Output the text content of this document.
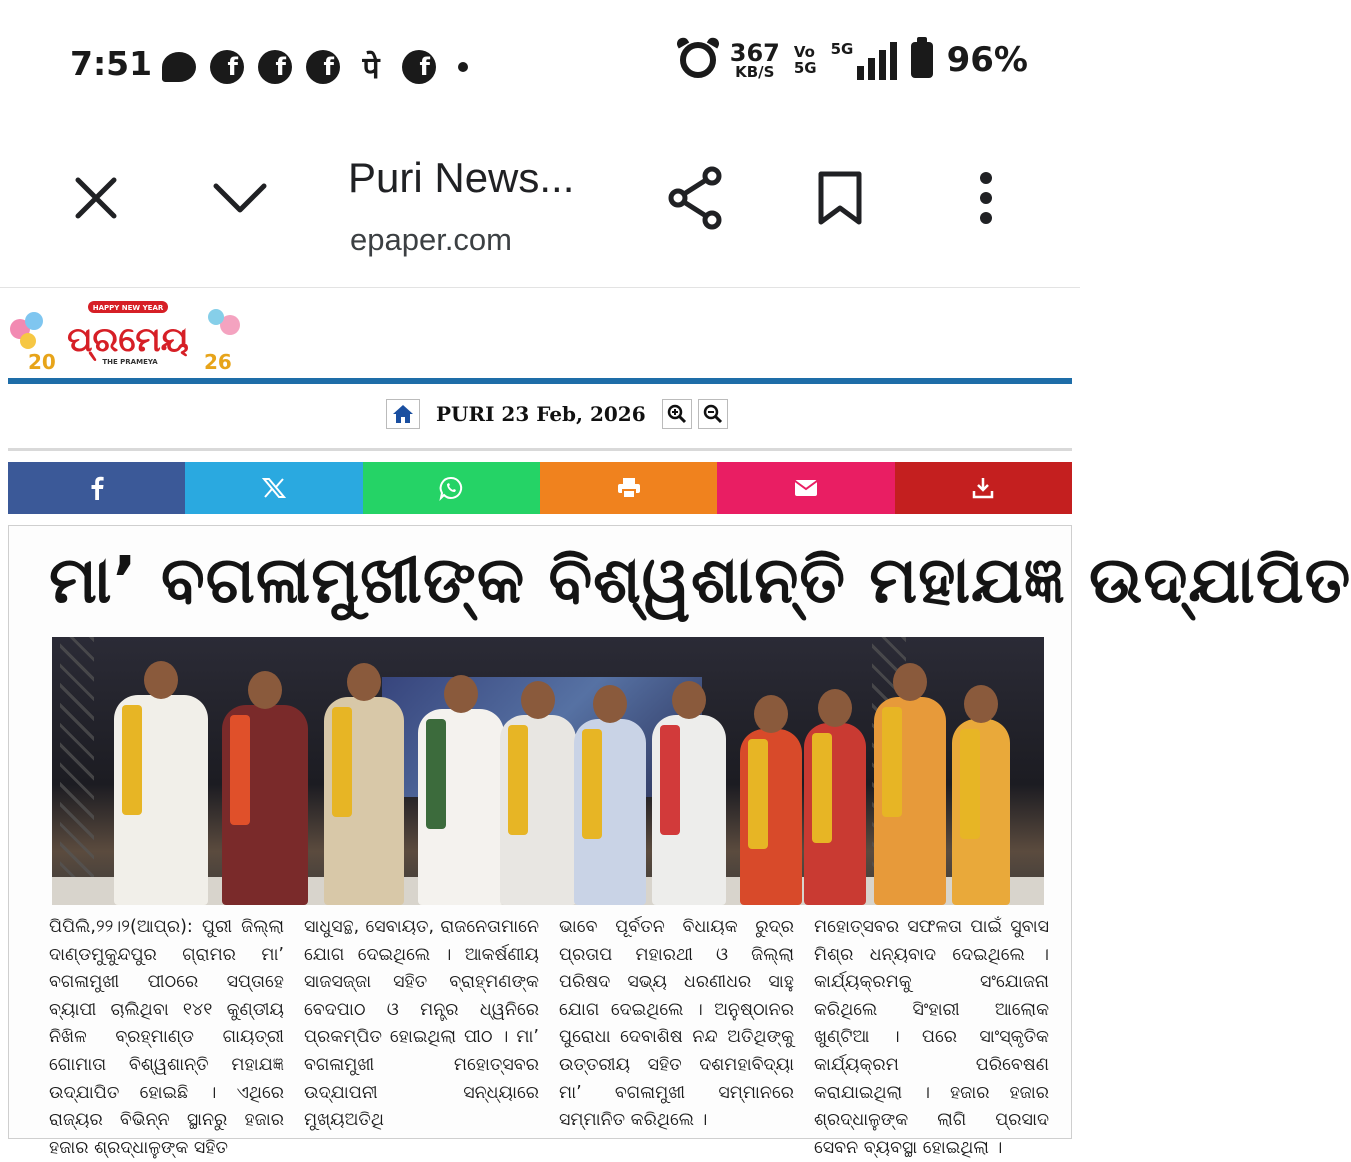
7:51	f	f	f पे	f	367
KB/S
Vo
5G
5G	96%
Puri News...
epaper.com
HAPPY NEW YEAR
ପ୍ରମେୟ
THE PRAMEYA
20	26
PURI 23 Feb, 2026
ମା’ ବଗଳାମୁଖୀଙ୍କ ବିଶ୍ୱଶାନ୍ତି ମହାଯଜ୍ଞ ଉଦ୍‌ଯାପିତ
ପିପିଲି,୨୨।୨(ଆପ୍ର): ପୁରୀ ଜିଲ୍ଲା ଦାଣ୍ଡମୁକୁନ୍ଦପୁର ଗ୍ରାମର ମା’ ବଗଳାମୁଖୀ ପୀଠରେ ସପ୍ତାହେ ବ୍ୟାପୀ ଚାଲିଥିବା ୧୪୧ କୁଣ୍ଡୀୟ ନିଖିଳ ବ୍ରହ୍ମାଣ୍ଡ ଗାୟତ୍ରୀ ଗୋମାତା ବିଶ୍ୱଶାନ୍ତି ମହାଯଜ୍ଞ ଉଦ୍‌ଯାପିତ ହୋଇଛି । ଏଥିରେ ରାଜ୍ୟର ବିଭିନ୍ନ ସ୍ଥାନରୁ ହଜାର ହଜାର ଶ୍ରଦ୍ଧାଳୁଙ୍କ ସହିତ
ସାଧୁସନ୍ଥ, ସେବାୟତ, ରାଜନେତାମାନେ ଯୋଗ ଦେଇଥିଲେ । ଆକର୍ଷଣୀୟ ସାଜସଜ୍ଜା ସହିତ ବ୍ରାହ୍ମଣଙ୍କ ବେଦପାଠ ଓ ମନ୍ତ୍ର ଧ୍ୱନିରେ ପ୍ରକମ୍ପିତ ହୋଇଥିଲା ପୀଠ । ମା’ ବଗଳାମୁଖୀ ମହୋତ୍ସବର ଉଦ୍‌ଯାପନୀ ସନ୍ଧ୍ୟାରେ ମୁଖ୍ୟଅତିଥି
ଭାବେ ପୂର୍ବତନ ବିଧାୟକ ରୁଦ୍ର ପ୍ରତାପ ମହାରଥୀ ଓ ଜିଲ୍ଲା ପରିଷଦ ସଭ୍ୟ ଧରଣୀଧର ସାହୁ ଯୋଗ ଦେଇଥିଲେ । ଅନୁଷ୍ଠାନର ପୁରୋଧା ଦେବାଶିଷ ନନ୍ଦ ଅତିଥିଙ୍କୁ ଉତ୍ତରୀୟ ସହିତ ଦଶମହାବିଦ୍ୟା ମା’ ବଗଳାମୁଖୀ ସମ୍ମାନରେ ସମ୍ମାନିତ କରିଥିଲେ ।
ମହୋତ୍ସବର ସଫଳତା ପାଇଁ ସୁବାସ ମିଶ୍ର ଧନ୍ୟବାଦ ଦେଇଥିଲେ । କାର୍ଯ୍ୟକ୍ରମକୁ ସଂଯୋଜନା କରିଥିଲେ ସିଂହାରୀ ଆଲୋକ ଖୁଣ୍ଟିଆ । ପରେ ସାଂସ୍କୃତିକ କାର୍ଯ୍ୟକ୍ରମ ପରିବେଷଣ କରାଯାଇଥିଲା । ହଜାର ହଜାର ଶ୍ରଦ୍ଧାଳୁଙ୍କ ଲାଗି ପ୍ରସାଦ ସେବନ ବ୍ୟବସ୍ଥା ହୋଇଥିଲା ।
